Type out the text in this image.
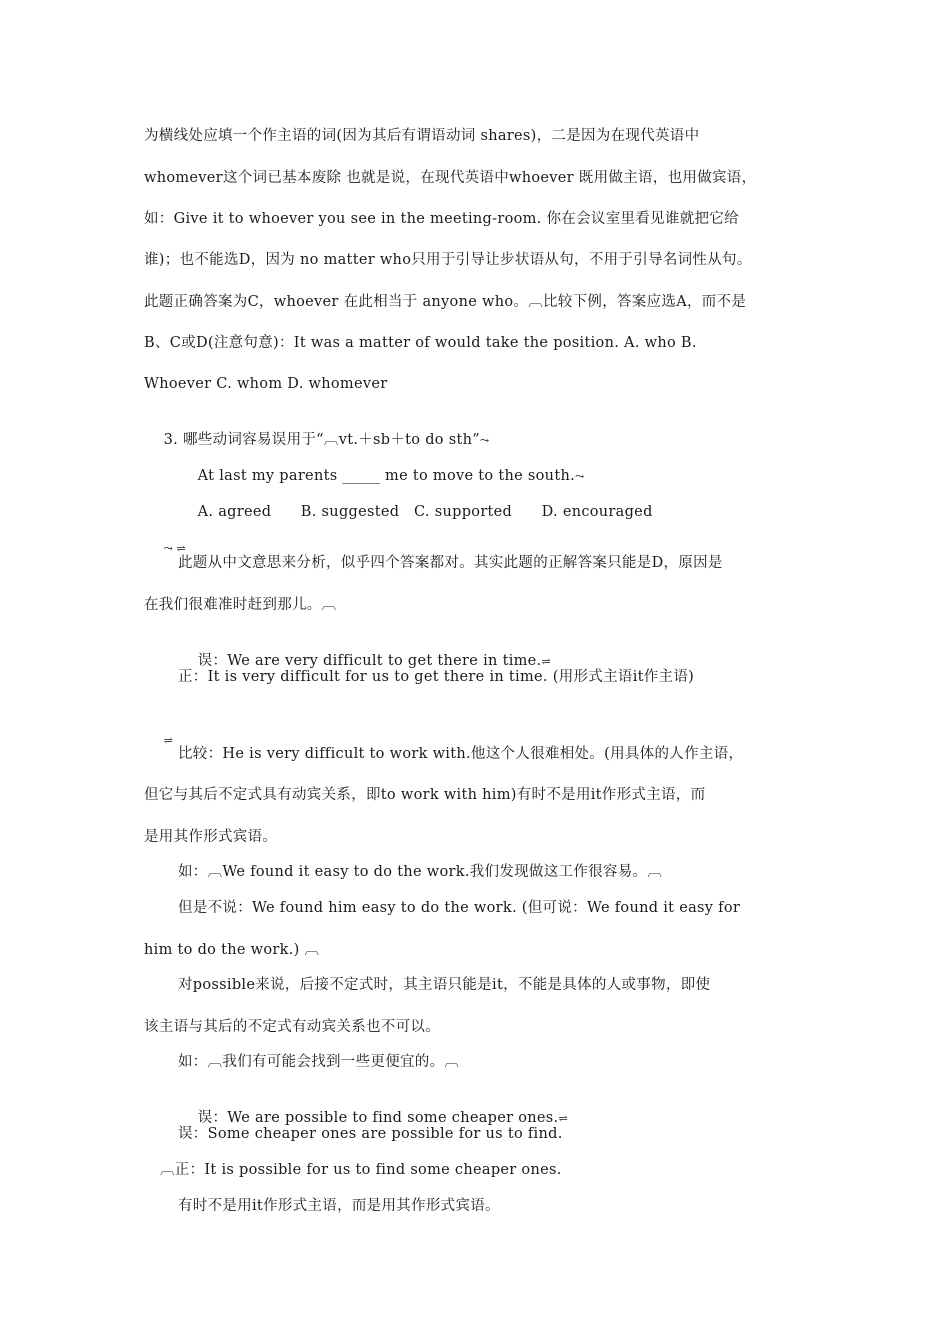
为横线处应填一个作主语的词(因为其后有谓语动词 shares)，二是因为在现代英语中
whomever这个词已基本废除 也就是说，在现代英语中whoever 既用做主语，也用做宾语，
如：Give it to whoever you see in the meeting-room. 你在会议室里看见谁就把它给
谁)；也不能选D，因为 no matter who只用于引导让步状语从句，不用于引导名词性从句。
此题正确答案为C，whoever 在此相当于 anyone who。︹比较下例，答案应选A，而不是
B、C或D(注意句意)：It was a matter of would take the position. A. who B.
Whoever C. whom D. whomever

3. 哪些动词容易误用于“︹vt.＋sb＋to do sth”⤳

At last my parents _____ me to move to the south.⤳

A. agreed      B. suggested   C. supported      D. encouraged

⤳ ⇌

此题从中文意思来分析，似乎四个答案都对。其实此题的正解答案只能是D，原因是
在我们很难准时赶到那儿。︹

误：We are very difficult to get there in time.⇌

正：It is very difficult for us to get there in time. (用形式主语it作主语)

⇌

比较：He is very difficult to work with.他这个人很难相处。(用具体的人作主语，
但它与其后不定式具有动宾关系，即to work with him)有时不是用it作形式主语，而
是用其作形式宾语。
如：︹We found it easy to do the work.我们发现做这工作很容易。︹
但是不说：We found him easy to do the work. (但可说：We found it easy for
him to do the work.) ︹
对possible来说，后接不定式时，其主语只能是it，不能是具体的人或事物，即使
该主语与其后的不定式有动宾关系也不可以。
如：︹我们有可能会找到一些更便宜的。︹

误：We are possible to find some cheaper ones.⇌

误：Some cheaper ones are possible for us to find.
︹正：It is possible for us to find some cheaper ones.
有时不是用it作形式主语，而是用其作形式宾语。
